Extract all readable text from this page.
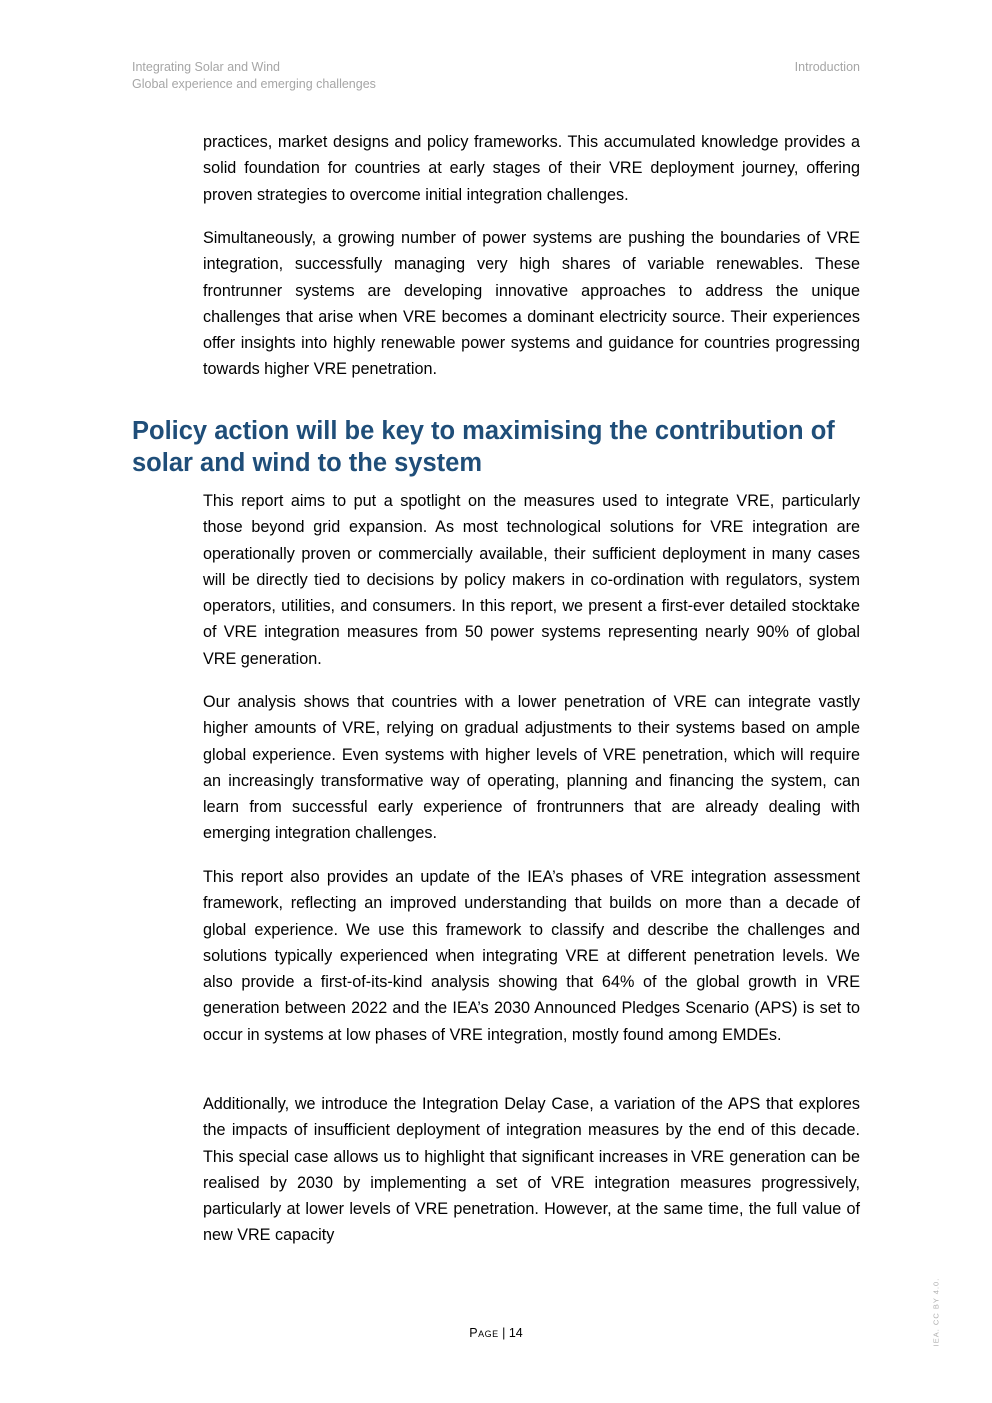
Integrating Solar and Wind
Global experience and emerging challenges
Introduction

practices, market designs and policy frameworks. This accumulated knowledge provides a solid foundation for countries at early stages of their VRE deployment journey, offering proven strategies to overcome initial integration challenges.

Simultaneously, a growing number of power systems are pushing the boundaries of VRE integration, successfully managing very high shares of variable renewables. These frontrunner systems are developing innovative approaches to address the unique challenges that arise when VRE becomes a dominant electricity source. Their experiences offer insights into highly renewable power systems and guidance for countries progressing towards higher VRE penetration.

Policy action will be key to maximising the contribution of solar and wind to the system

This report aims to put a spotlight on the measures used to integrate VRE, particularly those beyond grid expansion. As most technological solutions for VRE integration are operationally proven or commercially available, their sufficient deployment in many cases will be directly tied to decisions by policy makers in co-ordination with regulators, system operators, utilities, and consumers. In this report, we present a first-ever detailed stocktake of VRE integration measures from 50 power systems representing nearly 90% of global VRE generation.

Our analysis shows that countries with a lower penetration of VRE can integrate vastly higher amounts of VRE, relying on gradual adjustments to their systems based on ample global experience. Even systems with higher levels of VRE penetration, which will require an increasingly transformative way of operating, planning and financing the system, can learn from successful early experience of frontrunners that are already dealing with emerging integration challenges.

This report also provides an update of the IEA’s phases of VRE integration assessment framework, reflecting an improved understanding that builds on more than a decade of global experience. We use this framework to classify and describe the challenges and solutions typically experienced when integrating VRE at different penetration levels. We also provide a first-of-its-kind analysis showing that 64% of the global growth in VRE generation between 2022 and the IEA’s 2030 Announced Pledges Scenario (APS) is set to occur in systems at low phases of VRE integration, mostly found among EMDEs.

Additionally, we introduce the Integration Delay Case, a variation of the APS that explores the impacts of insufficient deployment of integration measures by the end of this decade. This special case allows us to highlight that significant increases in VRE generation can be realised by 2030 by implementing a set of VRE integration measures progressively, particularly at lower levels of VRE penetration. However, at the same time, the full value of new VRE capacity

Page | 14	IEA. CC BY 4.0.
